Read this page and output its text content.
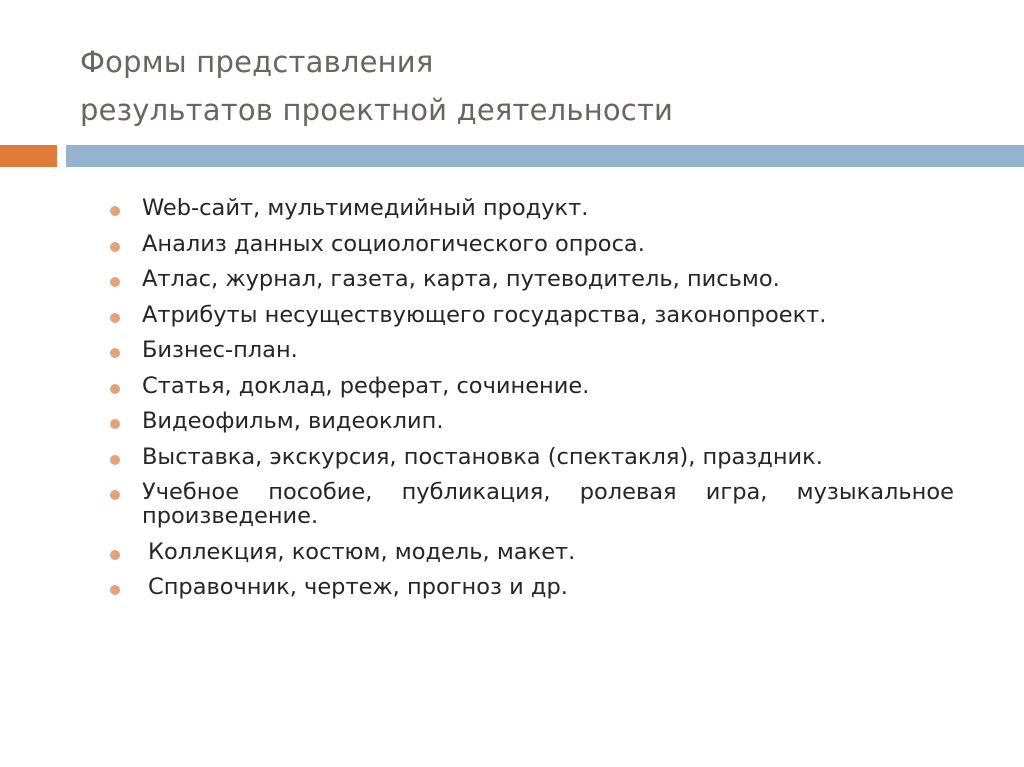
Формы представления
результатов проектной деятельности
Web-сайт, мультимедийный продукт.
Анализ данных социологического опроса.
Атлас, журнал, газета, карта, путеводитель, письмо.
Атрибуты несуществующего государства, законопроект.
Бизнес-план.
Статья, доклад, реферат, сочинение.
Видеофильм, видеоклип.
Выставка, экскурсия, постановка (спектакля), праздник.
Учебное пособие, публикация, ролевая игра, музыкальное произведение.
Коллекция, костюм, модель, макет.
Справочник, чертеж, прогноз и др.
